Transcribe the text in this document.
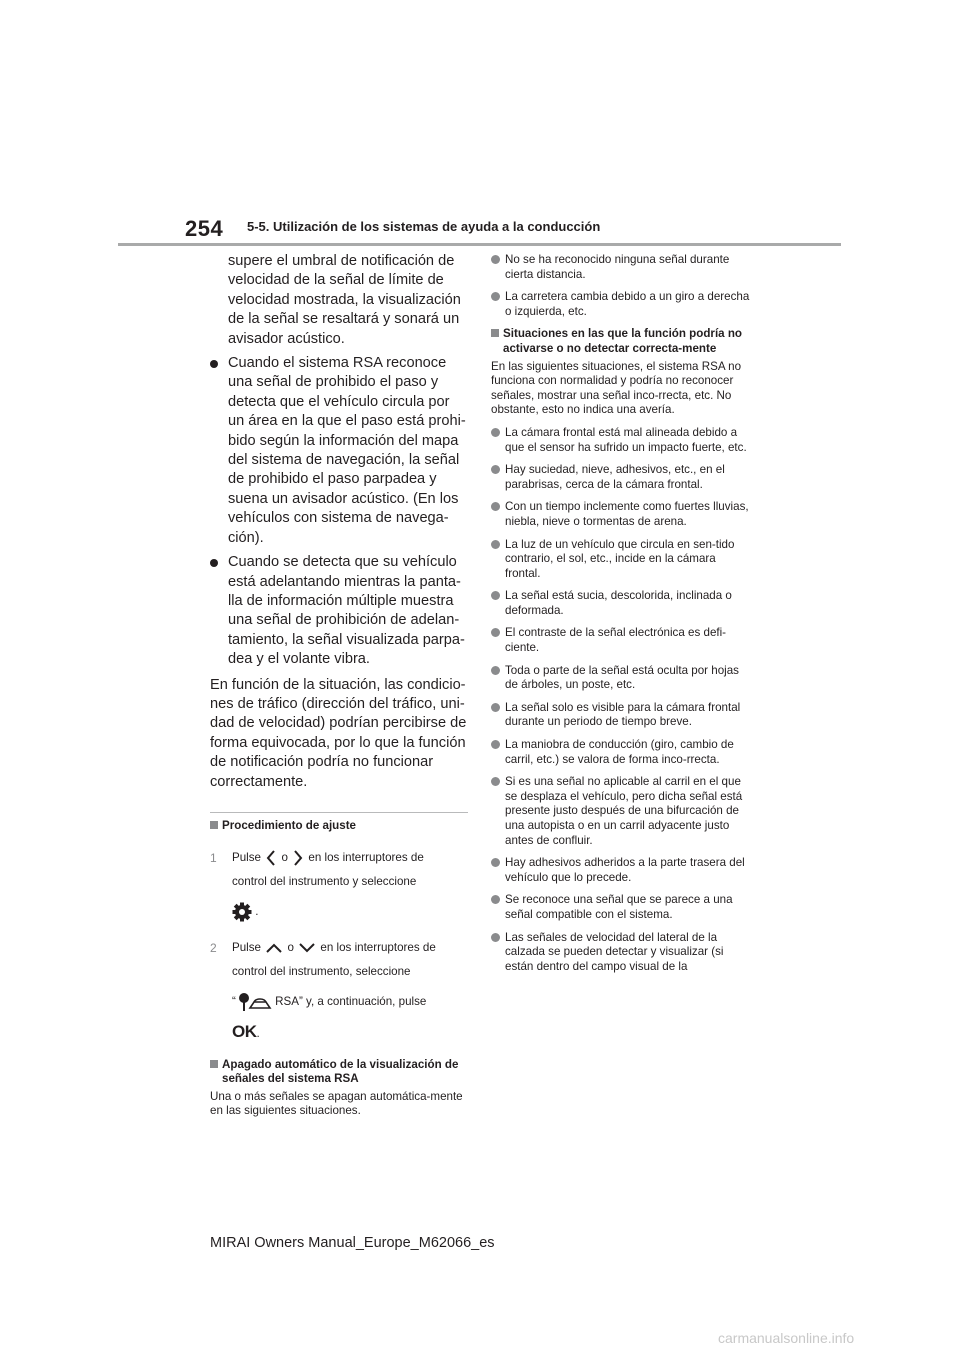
254 5-5. Utilización de los sistemas de ayuda a la conducción

supere el umbral de notificación de

velocidad de la señal de límite de

velocidad mostrada, la visualización

de la señal se resaltará y sonará un

avisador acústico.

Cuando el sistema RSA reconoce

una señal de prohibido el paso y

detecta que el vehículo circula por

un área en la que el paso está prohi-

bido según la información del mapa

del sistema de navegación, la señal

de prohibido el paso parpadea y

suena un avisador acústico. (En los

vehículos con sistema de navega-

ción).

Cuando se detecta que su vehículo

está adelantando mientras la panta-

lla de información múltiple muestra

una señal de prohibición de adelan-

tamiento, la señal visualizada parpa-

dea y el volante vibra.

En función de la situación, las condicio-

nes de tráfico (dirección del tráfico, uni-

dad de velocidad) podrían percibirse de

forma equivocada, por lo que la función

de notificación podría no funcionar

correctamente.

Procedimiento de ajuste
1 Pulse o en los interruptores de
control del instrumento y seleccione
.
2 Pulse o en los interruptores de
control del instrumento, seleccione
“	RSA” y, a continuación, pulse
OK.
Apagado automático de la visualización de señales del sistema RSA
Una o más señales se apagan automática-mente en las siguientes situaciones.
No se ha reconocido ninguna señal durante cierta distancia.
La carretera cambia debido a un giro a derecha o izquierda, etc.
Situaciones en las que la función podría no activarse o no detectar correcta-mente
En las siguientes situaciones, el sistema RSA no funciona con normalidad y podría no reconocer señales, mostrar una señal inco-rrecta, etc. No obstante, esto no indica una avería.
La cámara frontal está mal alineada debido a que el sensor ha sufrido un impacto fuerte, etc.
Hay suciedad, nieve, adhesivos, etc., en el parabrisas, cerca de la cámara frontal.
Con un tiempo inclemente como fuertes lluvias, niebla, nieve o tormentas de arena.
La luz de un vehículo que circula en sen-tido contrario, el sol, etc., incide en la cámara frontal.
La señal está sucia, descolorida, inclinada o deformada.
El contraste de la señal electrónica es defi-ciente.
Toda o parte de la señal está oculta por hojas de árboles, un poste, etc.
La señal solo es visible para la cámara frontal durante un periodo de tiempo breve.
La maniobra de conducción (giro, cambio de carril, etc.) se valora de forma inco-rrecta.
Si es una señal no aplicable al carril en el que se desplaza el vehículo, pero dicha señal está presente justo después de una bifurcación de una autopista o en un carril adyacente justo antes de confluir.
Hay adhesivos adheridos a la parte trasera del vehículo que lo precede.
Se reconoce una señal que se parece a una señal compatible con el sistema.
Las señales de velocidad del lateral de la calzada se pueden detectar y visualizar (si están dentro del campo visual de la
MIRAI Owners Manual_Europe_M62066_es
carmanualsonline.info
